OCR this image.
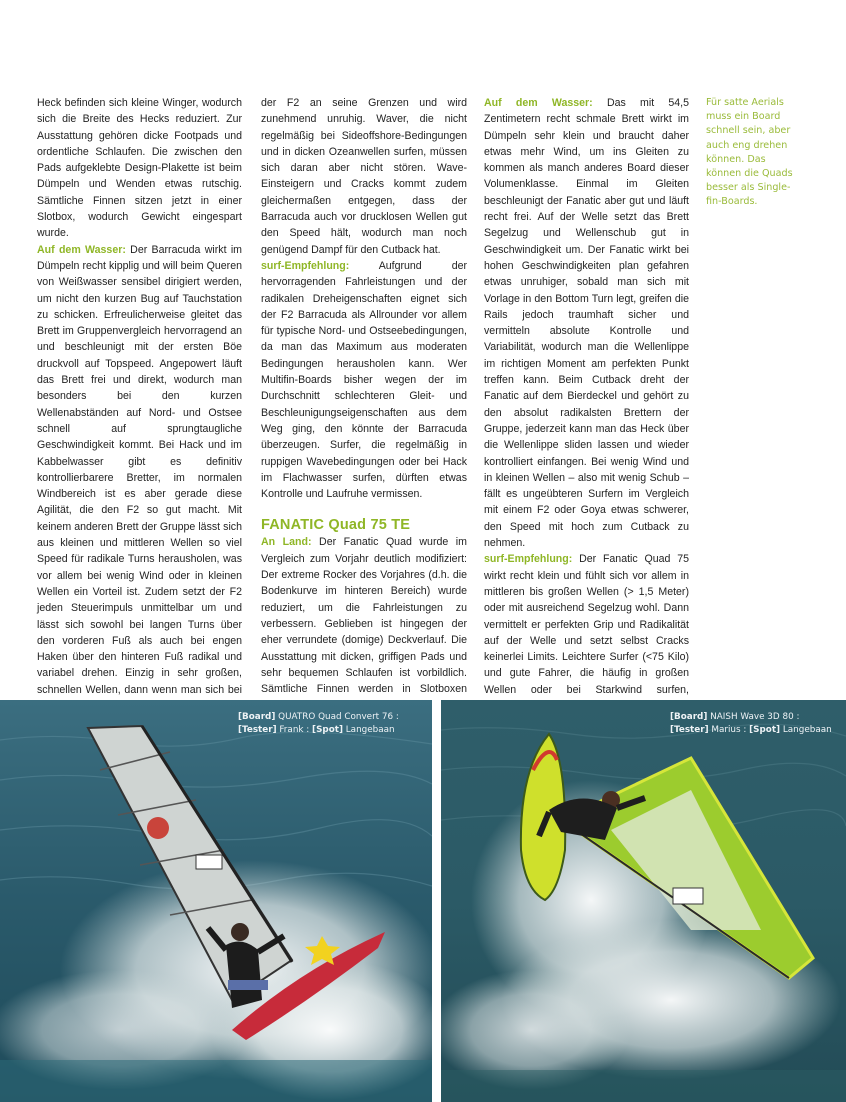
Heck befinden sich kleine Winger, wodurch sich die Breite des Hecks reduziert. Zur Ausstattung gehören dicke Footpads und ordentliche Schlaufen. Die zwischen den Pads aufgeklebte Design-Plakette ist beim Dümpeln und Wenden etwas rutschig. Sämtliche Finnen sitzen jetzt in einer Slotbox, wodurch Gewicht eingespart wurde.

Auf dem Wasser: Der Barracuda wirkt im Dümpeln recht kipplig und will beim Queren von Weißwasser sensibel dirigiert werden, um nicht den kurzen Bug auf Tauchstation zu schicken. Erfreulicherweise gleitet das Brett im Gruppenvergleich hervorragend an und beschleunigt mit der ersten Böe druckvoll auf Topspeed. Angepowert läuft das Brett frei und direkt, wodurch man besonders bei den kurzen Wellenabständen auf Nord- und Ostsee schnell auf sprungtaugliche Geschwindigkeit kommt. Bei Hack und im Kabbelwasser gibt es definitiv kontrollierbarere Bretter, im normalen Windbereich ist es aber gerade diese Agilität, die den F2 so gut macht. Mit keinem anderen Brett der Gruppe lässt sich aus kleinen und mittleren Wellen so viel Speed für radikale Turns herausholen, was vor allem bei wenig Wind oder in kleinen Wellen ein Vorteil ist. Zudem setzt der F2 jeden Steuerimpuls unmittelbar um und lässt sich sowohl bei langen Turns über den vorderen Fuß als auch bei engen Haken über den hinteren Fuß radikal und variabel drehen. Einzig in sehr großen, schnellen Wellen, dann wenn man sich bei

der F2 an seine Grenzen und wird zunehmend unruhig. Waver, die nicht regelmäßig bei Sideoffshore-Bedingungen und in dicken Ozeanwellen surfen, müssen sich daran aber nicht stören. Wave-Einsteigern und Cracks kommt zudem gleichermaßen entgegen, dass der Barracuda auch vor drucklosen Wellen gut den Speed hält, wodurch man noch genügend Dampf für den Cutback hat.

surf-Empfehlung: Aufgrund der hervorragenden Fahrleistungen und der radikalen Dreheigenschaften eignet sich der F2 Barracuda als Allrounder vor allem für typische Nord- und Ostseebedingungen, da man das Maximum aus moderaten Bedingungen herausholen kann. Wer Multifin-Boards bisher wegen der im Durchschnitt schlechteren Gleit- und Beschleunigungseigenschaften aus dem Weg ging, den könnte der Barracuda überzeugen. Surfer, die regelmäßig in ruppigen Wavebedingungen oder bei Hack im Flachwasser surfen, dürften etwas Kontrolle und Laufruhe vermissen.

FANATIC Quad 75 TE

An Land: Der Fanatic Quad wurde im Vergleich zum Vorjahr deutlich modifiziert: Der extreme Rocker des Vorjahres (d.h. die Bodenkurve im hinteren Bereich) wurde reduziert, um die Fahrleistungen zu verbessern. Geblieben ist hingegen der eher verrundete (domige) Deckverlauf. Die Ausstattung mit dicken, griffigen Pads und sehr bequemen Schlaufen ist vorbildlich. Sämtliche Finnen werden in Slotboxen

Auf dem Wasser: Das mit 54,5 Zentimetern recht schmale Brett wirkt im Dümpeln sehr klein und braucht daher etwas mehr Wind, um ins Gleiten zu kommen als manch anderes Board dieser Volumenklasse. Einmal im Gleiten beschleunigt der Fanatic aber gut und läuft recht frei. Auf der Welle setzt das Brett Segelzug und Wellenschub gut in Geschwindigkeit um. Der Fanatic wirkt bei hohen Geschwindigkeiten plan gefahren etwas unruhiger, sobald man sich mit Vorlage in den Bottom Turn legt, greifen die Rails jedoch traumhaft sicher und vermitteln absolute Kontrolle und Variabilität, wodurch man die Wellenlippe im richtigen Moment am perfekten Punkt treffen kann. Beim Cutback dreht der Fanatic auf dem Bierdeckel und gehört zu den absolut radikalsten Brettern der Gruppe, jederzeit kann man das Heck über die Wellenlippe sliden lassen und wieder kontrolliert einfangen. Bei wenig Wind und in kleinen Wellen – also mit wenig Schub – fällt es ungeübteren Surfern im Vergleich mit einem F2 oder Goya etwas schwerer, den Speed mit hoch zum Cutback zu nehmen.

surf-Empfehlung: Der Fanatic Quad 75 wirkt recht klein und fühlt sich vor allem in mittleren bis großen Wellen (> 1,5 Meter) oder mit ausreichend Segelzug wohl. Dann vermittelt er perfekten Grip und Radikalität auf der Welle und setzt selbst Cracks keinerlei Limits. Leichtere Surfer (<75 Kilo) und gute Fahrer, die häufig in großen Wellen oder bei Starkwind surfen,

Für satte Aerials muss ein Board schnell sein, aber auch eng drehen können. Das können die Quads besser als Single-fin-Boards.
[Board] QUATRO Quad Convert 76 :
[Tester] Frank : [Spot] Langebaan
[Board] NAISH Wave 3D 80 :
[Tester] Marius : [Spot] Langebaan
